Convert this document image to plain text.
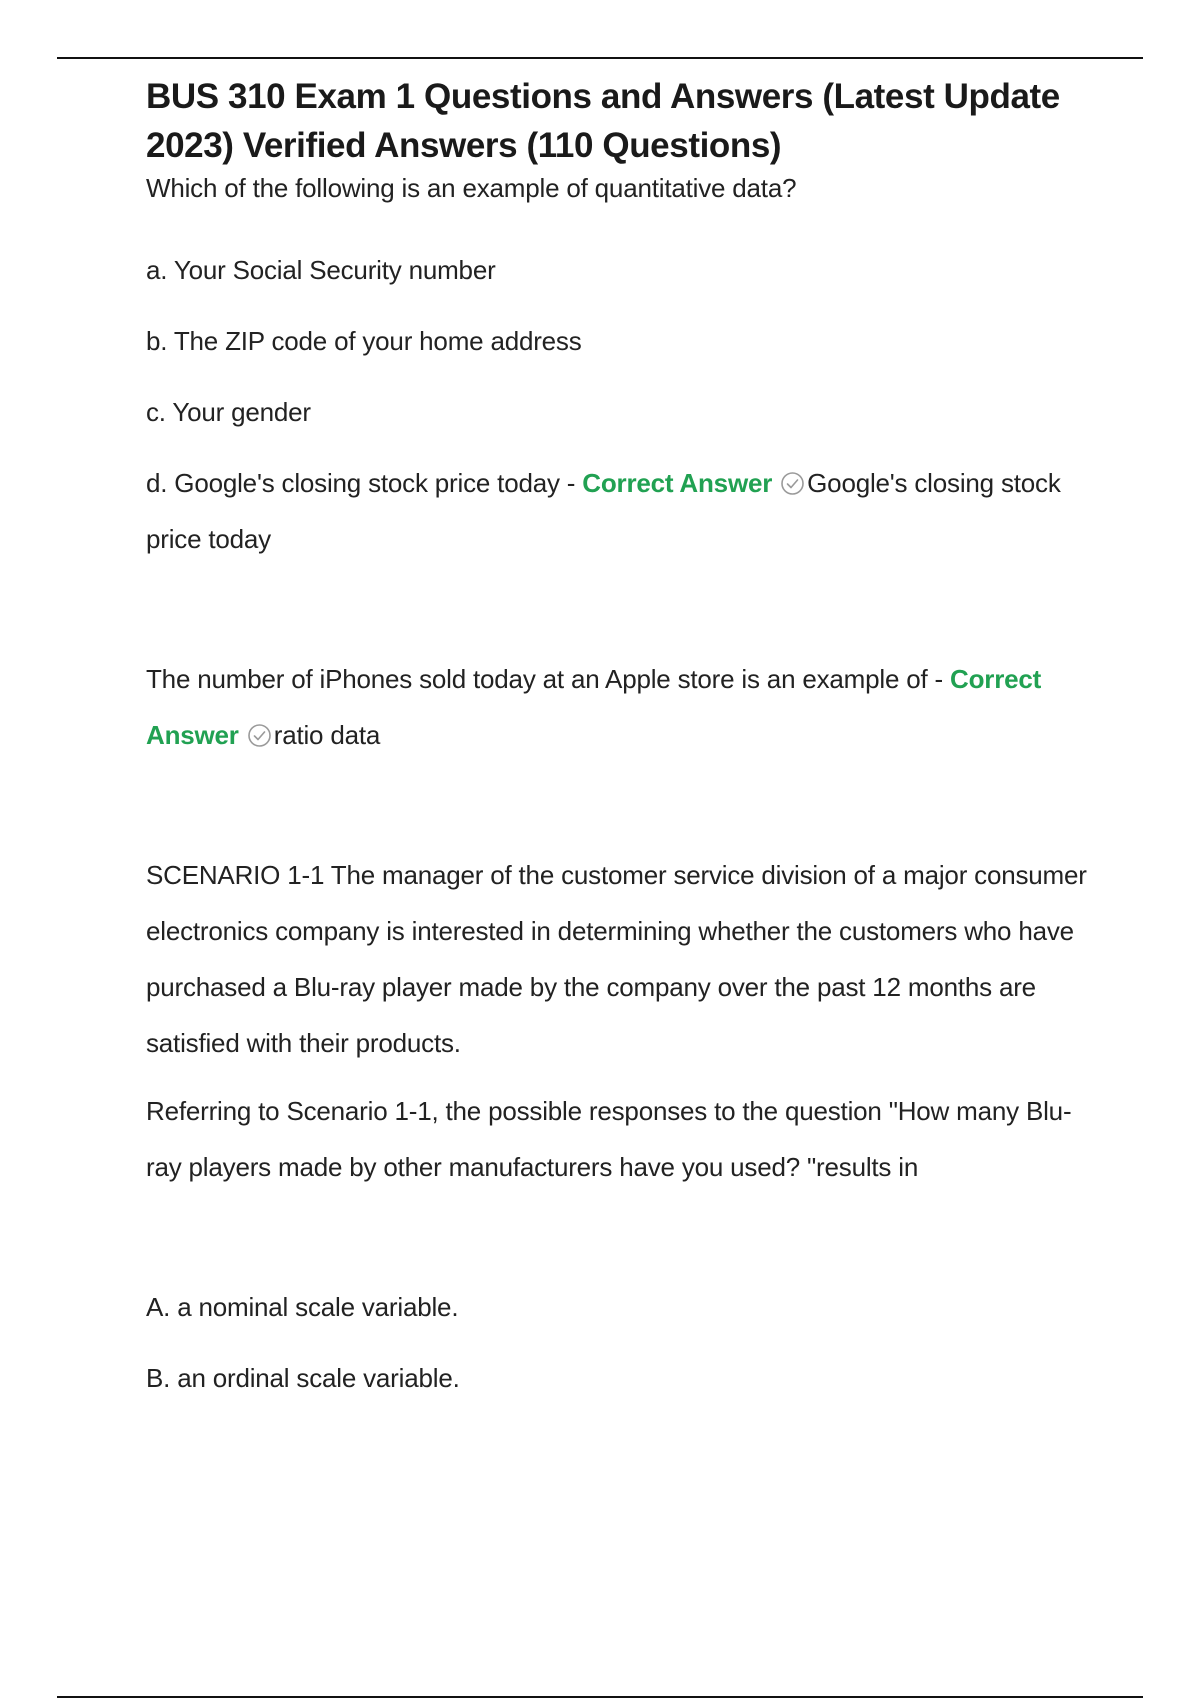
BUS 310 Exam 1 Questions and Answers (Latest Update 2023) Verified Answers (110 Questions)

Which of the following is an example of quantitative data?

a. Your Social Security number

b. The ZIP code of your home address

c. Your gender

d. Google's closing stock price today - Correct Answer Google's closing stock price today

The number of iPhones sold today at an Apple store is an example of - Correct Answer ratio data

SCENARIO 1-1 The manager of the customer service division of a major consumer electronics company is interested in determining whether the customers who have purchased a Blu-ray player made by the company over the past 12 months are satisfied with their products.

Referring to Scenario 1-1, the possible responses to the question "How many Blu-ray players made by other manufacturers have you used? "results in

A. a nominal scale variable.

B. an ordinal scale variable.
